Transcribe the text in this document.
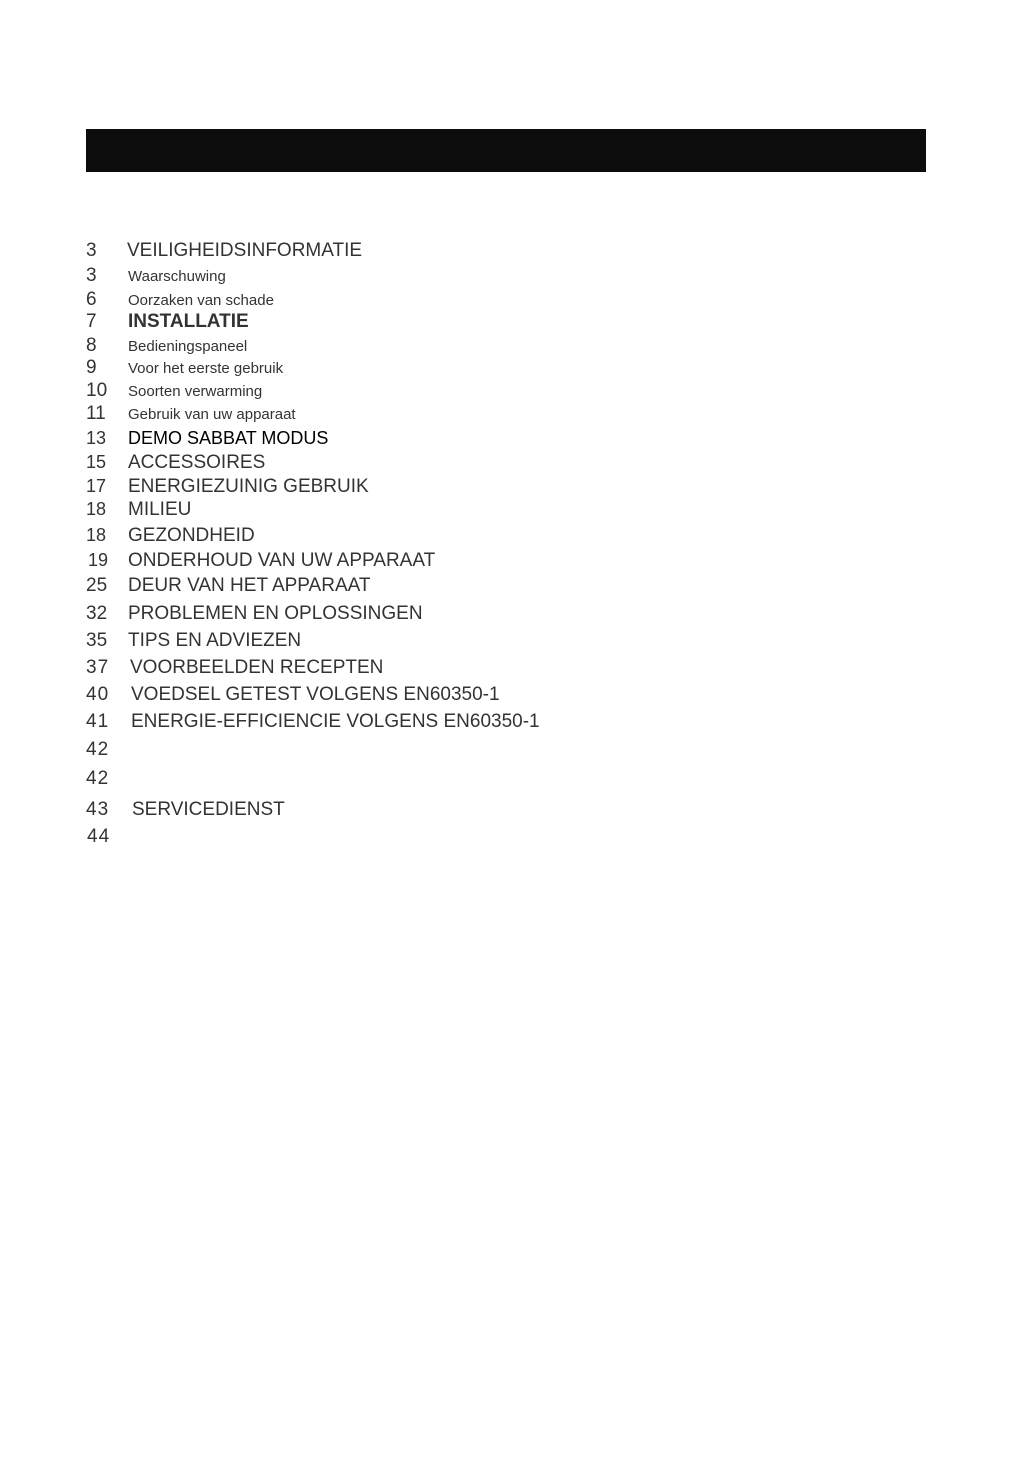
3 VEILIGHEIDSINFORMATIE
3 Waarschuwing
6 Oorzaken van schade
7 INSTALLATIE
8 Bedieningspaneel
9 Voor het eerste gebruik
10 Soorten verwarming
11 Gebruik van uw apparaat
13 DEMO SABBAT MODUS
15 ACCESSOIRES
17 ENERGIEZUINIG GEBRUIK
18 MILIEU
18 GEZONDHEID
19 ONDERHOUD VAN UW APPARAAT
25 DEUR VAN HET APPARAAT
32 PROBLEMEN EN OPLOSSINGEN
35 TIPS EN ADVIEZEN
37 VOORBEELDEN RECEPTEN
40 VOEDSEL GETEST VOLGENS EN60350-1
41 ENERGIE-EFFICIENCIE VOLGENS EN60350-1
42
42
43 SERVICEDIENST
44
